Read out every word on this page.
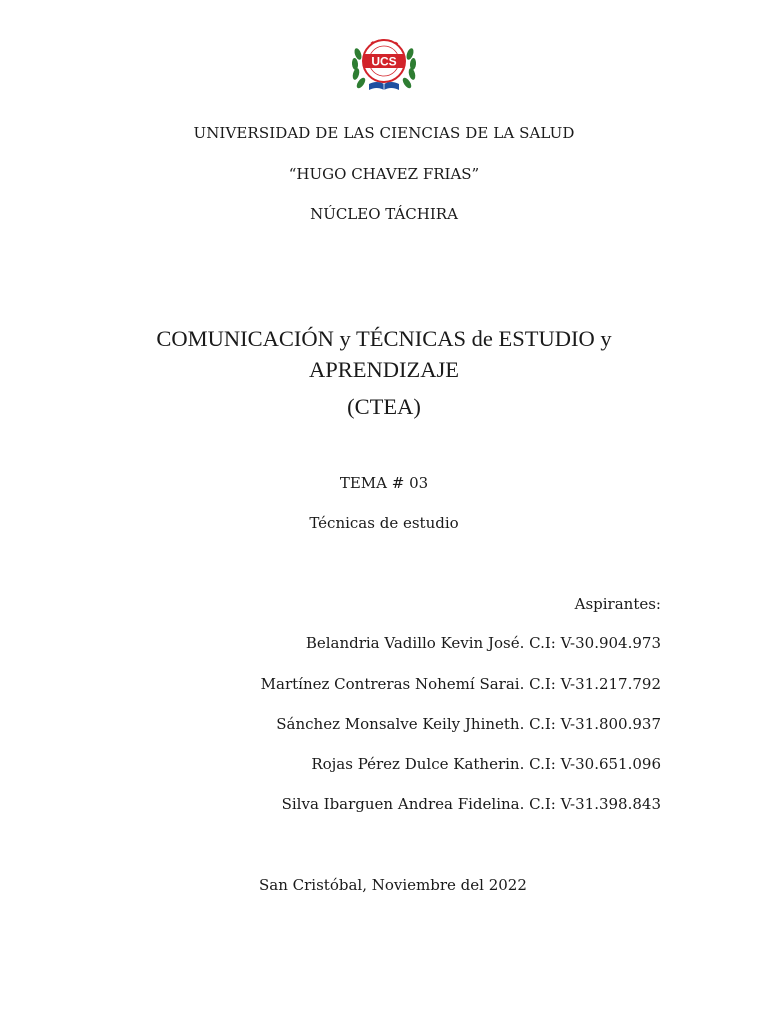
UCS
UNIVERSIDAD DE LAS CIENCIAS DE LA SALUD
“HUGO CHAVEZ FRIAS”
NÚCLEO TÁCHIRA
COMUNICACIÓN y TÉCNICAS de ESTUDIO y
APRENDIZAJE
(CTEA)
TEMA # 03
Técnicas de estudio
Aspirantes:
Belandria Vadillo Kevin José. C.I: V-30.904.973
Martínez Contreras Nohemí Sarai. C.I: V-31.217.792
Sánchez Monsalve Keily Jhineth. C.I: V-31.800.937
Rojas Pérez Dulce Katherin. C.I: V-30.651.096
Silva Ibarguen Andrea Fidelina. C.I: V-31.398.843
San Cristóbal, Noviembre del 2022
